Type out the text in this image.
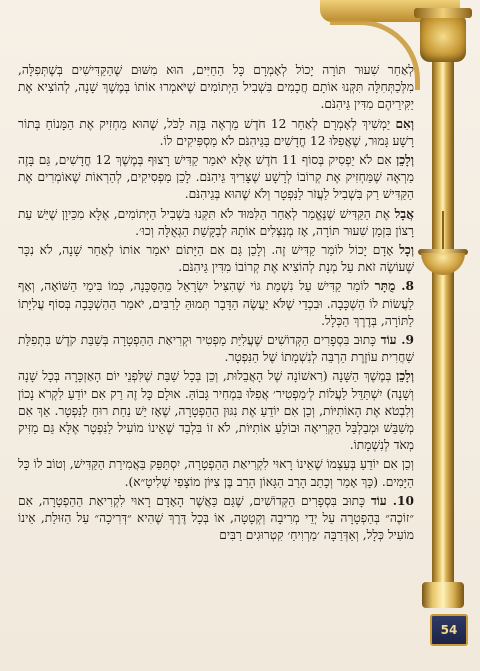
54

לְאַחַר שִׁעוּר תּוֹרָה יָכוֹל לְאָמְרָם כָּל הַחַיִּים, הוּא מִשּׁוּם שֶׁהַקַּדִּישִׁים בְּשֶׁתְּפִלָּה, מִלְּכַתְּחִלָּה תִּקְּנוּ אוֹתָם חֲכָמִים בִּשְׁבִיל הַיְּתוֹמִים שֶׁיֹּאמְרוּ אוֹתוֹ בְּמֶשֶׁךְ שָׁנָה, לְהוֹצִיא אֶת יַקִּירֵיהֶם מִדִּין גֵּיהִנֹּם.

וְאִם יַמְשִׁיךְ לְאָמְרָם לְאַחַר 12 חֹדֶשׁ מַרְאֶה בָּזֶה לַכֹּל, שֶׁהוּא מַחְזִיק אֶת הַמָּנוֹחַ בְּתוֹר רָשָׁע גָּמוּר, שֶׁאֲפִלּוּ 12 חֳדָשִׁים בַּגֵּיהִנֹּם לֹא מַסְפִּיקִים לוֹ.

וְלָכֵן אִם לֹא יַפְסִיק בְּסוֹף 11 חֹדֶשׁ אֶלָּא יֹאמַר קַדִּישׁ רָצוּף בְּמֶשֶׁךְ 12 חֳדָשִׁים, גַּם בָּזֶה מַרְאֶה שֶׁמַּחְזִיק אֶת קְרוֹבוֹ לְרָשָׁע שֶׁצָּרִיךְ גֵּיהִנֹּם. לָכֵן מַפְסִיקִים, לְהַרְאוֹת שֶׁאוֹמְרִים אֶת הַקַּדִּישׁ רַק בִּשְׁבִיל לַעֲזֹר לַנִּפְטָר וְלֹא שֶׁהוּא בְּגֵיהִנֹּם.

אֲבָל אֶת הַקַּדִּישׁ שֶׁנֶּאֱמַר לְאַחַר הַלִּמּוּד לֹא תִּקְּנוּ בִּשְׁבִיל הַיְּתוֹמִים, אֶלָּא מִכֵּיוָן שֶׁיֵּשׁ עֵת רָצוֹן בִּזְמַן שִׁעוּר תּוֹרָה, אָז מְנַצְּלִים אוֹתָהּ לְבַקָּשַׁת הַגְּאֻלָּה וְכוּ׳.

וְכָל אָדָם יָכוֹל לוֹמַר קַדִּישׁ זֶה. וְלָכֵן גַּם אִם הַיָּתוֹם יֹאמַר אוֹתוֹ לְאַחַר שָׁנָה, לֹא נִכָּר שֶׁעוֹשֶׂה זֹאת עַל מְנָת לְהוֹצִיא אֶת קְרוֹבוֹ מִדִּין גֵּיהִנֹּם.

8. מֻתָּר לוֹמַר קַדִּישׁ עַל נִשְׁמַת גּוֹי שֶׁהִצִּיל יִשְׂרָאֵל מֵהַסַּכָּנָה, כְּמוֹ בִּימֵי הַשּׁוֹאָה, וְאַף לַעֲשׂוֹת לוֹ הַשְׁכָּבָה. וּבִכְדֵי שֶׁלֹּא יַעֲשֶׂה הַדָּבָר תְּמוּהַּ לָרַבִּים, יֹאמַר הַהַשְׁכָּבָה בְּסוֹף עֲלִיָּתוֹ לַתּוֹרָה, בְּדֶרֶךְ הַכְּלָל.

9. עוֹד כָּתוּב בִּסְפָרִים הַקְּדוֹשִׁים שֶׁעֲלִיַּת מַפְטִיר וּקְרִיאַת הַהַפְטָרָה בְּשַׁבַּת קֹדֶשׁ בִּתְפִלַּת שַׁחֲרִית עוֹזֶרֶת הַרְבֵּה לְנִשְׁמָתוֹ שֶׁל הַנִּפְטָר.

וְלָכֵן בְּמֶשֶׁךְ הַשָּׁנָה (רִאשׁוֹנָה שֶׁל הָאֲבֵלוּת, וְכֵן בְּכָל שַׁבַּת שֶׁלִּפְנֵי יוֹם הָאַזְכָּרָה בְּכָל שָׁנָה וְשָׁנָה) יִשְׁתַּדֵּל לַעֲלוֹת לְ׳מַפְטִיר׳ אֲפִלּוּ בִּמְחִיר גָּבוֹהַּ. אוּלָם כָּל זֶה רַק אִם יוֹדֵעַ לִקְרֹא נָכוֹן וְלִבְטֹא אֶת הָאוֹתִיּוֹת, וְכֵן אִם יוֹדֵעַ אֶת נִגּוּן הַהַפְטָרָה, שֶׁאָז יֵשׁ נַחַת רוּחַ לַנִּפְטָר. אַךְ אִם מְשַׁבֵּשׁ וּמְבַלְבֵּל הַקְּרִיאָה וּבוֹלֵעַ אוֹתִיּוֹת, לֹא זוֹ בִּלְבַד שֶׁאֵינוֹ מוֹעִיל לַנִּפְטָר אֶלָּא גַּם מַזִּיק מְאֹד לְנִשְׁמָתוֹ.

וְכֵן אִם יוֹדֵעַ בְּעַצְמוֹ שֶׁאֵינוֹ רָאוּי לִקְרִיאַת הַהַפְטָרָה, יִסְתַּפֵּק בַּאֲמִירַת הַקַּדִּישׁ, וְטוֹב לוֹ כָּל הַיָּמִים. (כָּךְ אָמַר וְכָתַב הָרַב הַגָּאוֹן הָרַב בֶּן צִיּוֹן מוֹצָפִי שְׁלִיטָ״א).

10. עוֹד כָּתוּב בִּסְפָרִים הַקְּדוֹשִׁים, שֶׁגַּם כַּאֲשֶׁר הָאָדָם רָאוּי לִקְרִיאַת הַהַפְטָרָה, אִם ״זוֹכֶה״ בְּהַפְטָרָה עַל יְדֵי מְרִיבָה וְקְטָטָה, אוֹ בְּכָל דֶּרֶךְ שֶׁהִיא ״דְּרִיכָה״ עַל הַזּוּלַת, אֵינוֹ מוֹעִיל כְּלָל, וְאַדְּרַבָּה ׳מַרְוִיחַ׳ קִטְרוּגִים רַבִּים
